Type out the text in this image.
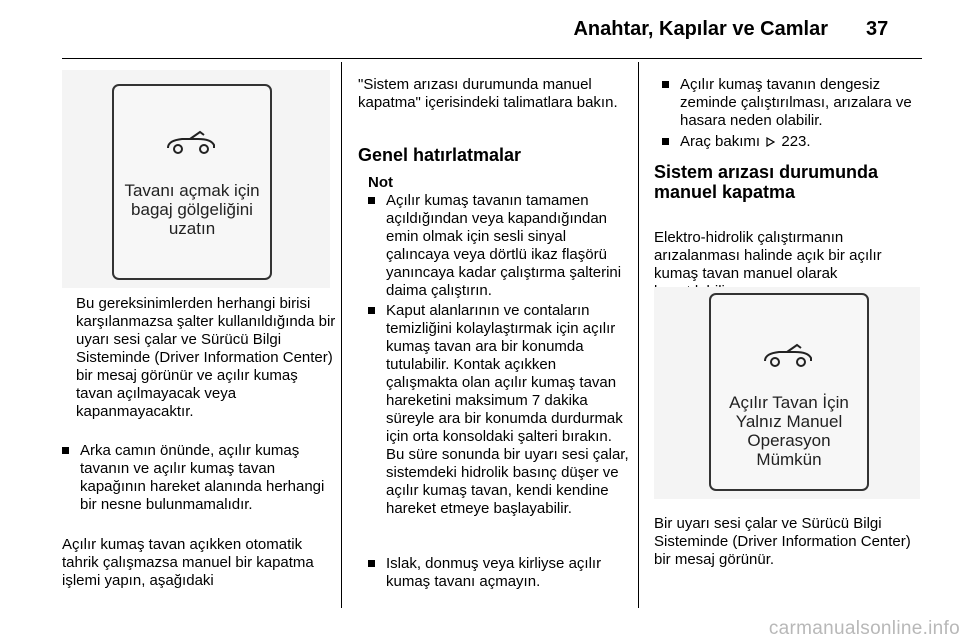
Anahtar, Kapılar ve Camlar 37
Tavanı açmak için bagaj gölgeliğini uzatın
Bu gereksinimlerden herhangi birisi karşılanmazsa şalter kullanıldığında bir uyarı sesi çalar ve Sürücü Bilgi Sisteminde (Driver Information Center) bir mesaj görünür ve açılır kumaş tavan açılmayacak veya kapanmayacaktır.
Arka camın önünde, açılır kumaş tavanın ve açılır kumaş tavan kapağının hareket alanında herhangi bir nesne bulunmamalıdır.
Açılır kumaş tavan açıkken otomatik tahrik çalışmazsa manuel bir kapatma işlemi yapın, aşağıdaki
"Sistem arızası durumunda manuel kapatma" içerisindeki talimatlara bakın.
Genel hatırlatmalar
Not
Açılır kumaş tavanın tamamen açıldığından veya kapandığından emin olmak için sesli sinyal çalıncaya veya dörtlü ikaz flaşörü yanıncaya kadar çalıştırma şalterini daima çalıştırın.
Kaput alanlarının ve contaların temizliğini kolaylaştırmak için açılır kumaş tavan ara bir konumda tutulabilir. Kontak açıkken çalışmakta olan açılır kumaş tavan hareketini maksimum 7 dakika süreyle ara bir konumda durdurmak için orta konsoldaki şalteri bırakın. Bu süre sonunda bir uyarı sesi çalar, sistemdeki hidrolik basınç düşer ve açılır kumaş tavan, kendi kendine hareket etmeye başlayabilir.
Islak, donmuş veya kirliyse açılır kumaş tavanı açmayın.
Açılır kumaş tavanın dengesiz zeminde çalıştırılması, arızalara ve hasara neden olabilir.
Araç bakımı 223.
Sistem arızası durumunda manuel kapatma
Elektro-hidrolik çalıştırmanın arızalanması halinde açık bir açılır kumaş tavan manuel olarak
Açılır Tavan İçin Yalnız Manuel Operasyon Mümkün
Bir uyarı sesi çalar ve Sürücü Bilgi Sisteminde (Driver Information Center) bir mesaj görünür.
carmanualsonline.info
